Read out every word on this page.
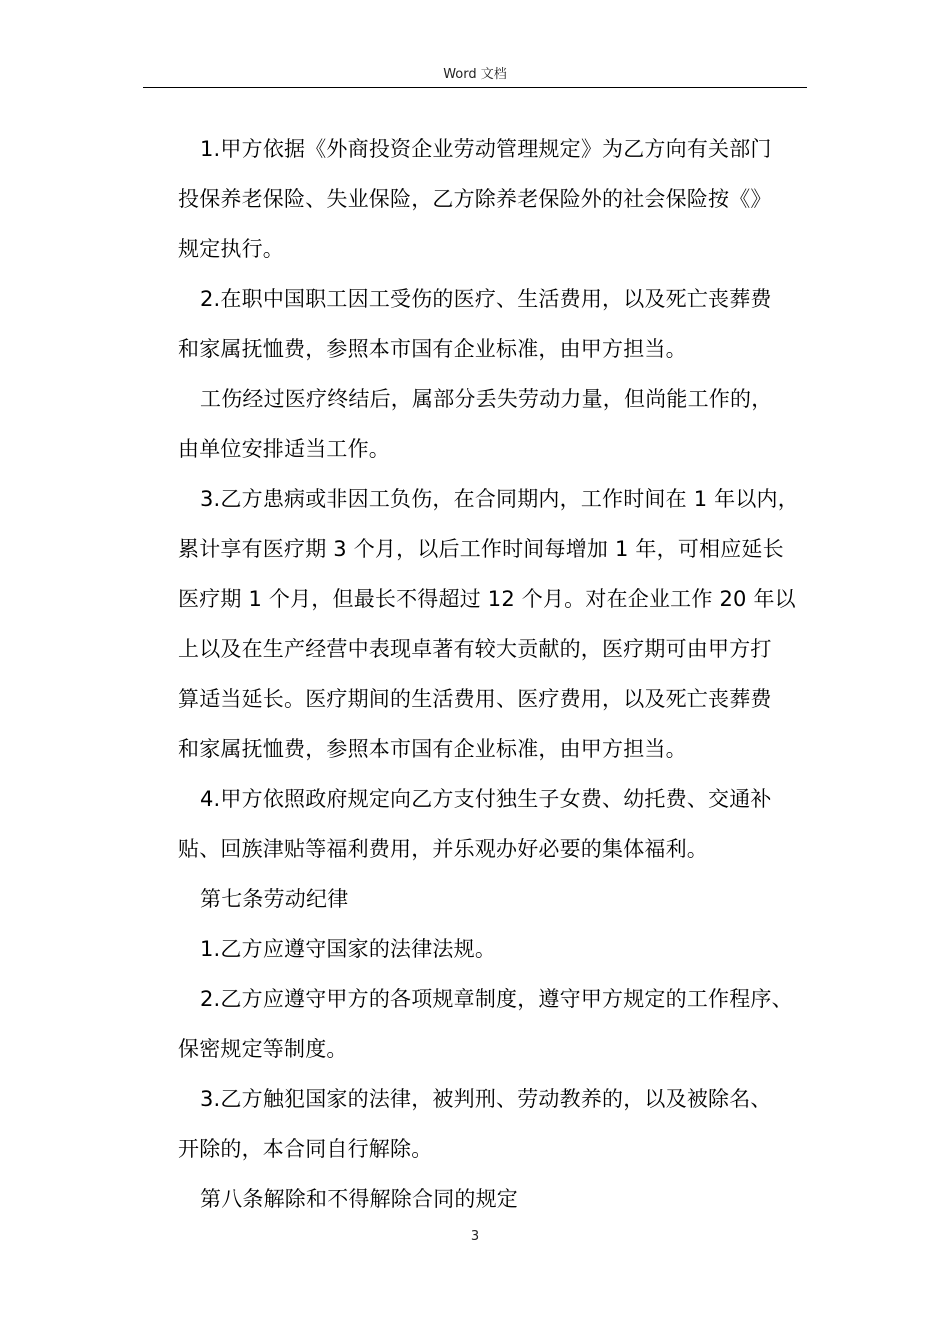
Word 文档

1.甲方依据《外商投资企业劳动管理规定》为乙方向有关部门
投保养老保险、失业保险，乙方除养老保险外的社会保险按《》
规定执行。

2.在职中国职工因工受伤的医疗、生活费用，以及死亡丧葬费
和家属抚恤费，参照本市国有企业标准，由甲方担当。

工伤经过医疗终结后，属部分丢失劳动力量，但尚能工作的，
由单位安排适当工作。

3.乙方患病或非因工负伤，在合同期内，工作时间在 1 年以内，
累计享有医疗期 3 个月，以后工作时间每增加 1 年，可相应延长
医疗期 1 个月，但最长不得超过 12 个月。对在企业工作 20 年以
上以及在生产经营中表现卓著有较大贡献的，医疗期可由甲方打
算适当延长。医疗期间的生活费用、医疗费用，以及死亡丧葬费
和家属抚恤费，参照本市国有企业标准，由甲方担当。

4.甲方依照政府规定向乙方支付独生子女费、幼托费、交通补
贴、回族津贴等福利费用，并乐观办好必要的集体福利。

第七条劳动纪律

1.乙方应遵守国家的法律法规。

2.乙方应遵守甲方的各项规章制度，遵守甲方规定的工作程序、
保密规定等制度。

3.乙方触犯国家的法律，被判刑、劳动教养的，以及被除名、
开除的，本合同自行解除。

第八条解除和不得解除合同的规定

3
